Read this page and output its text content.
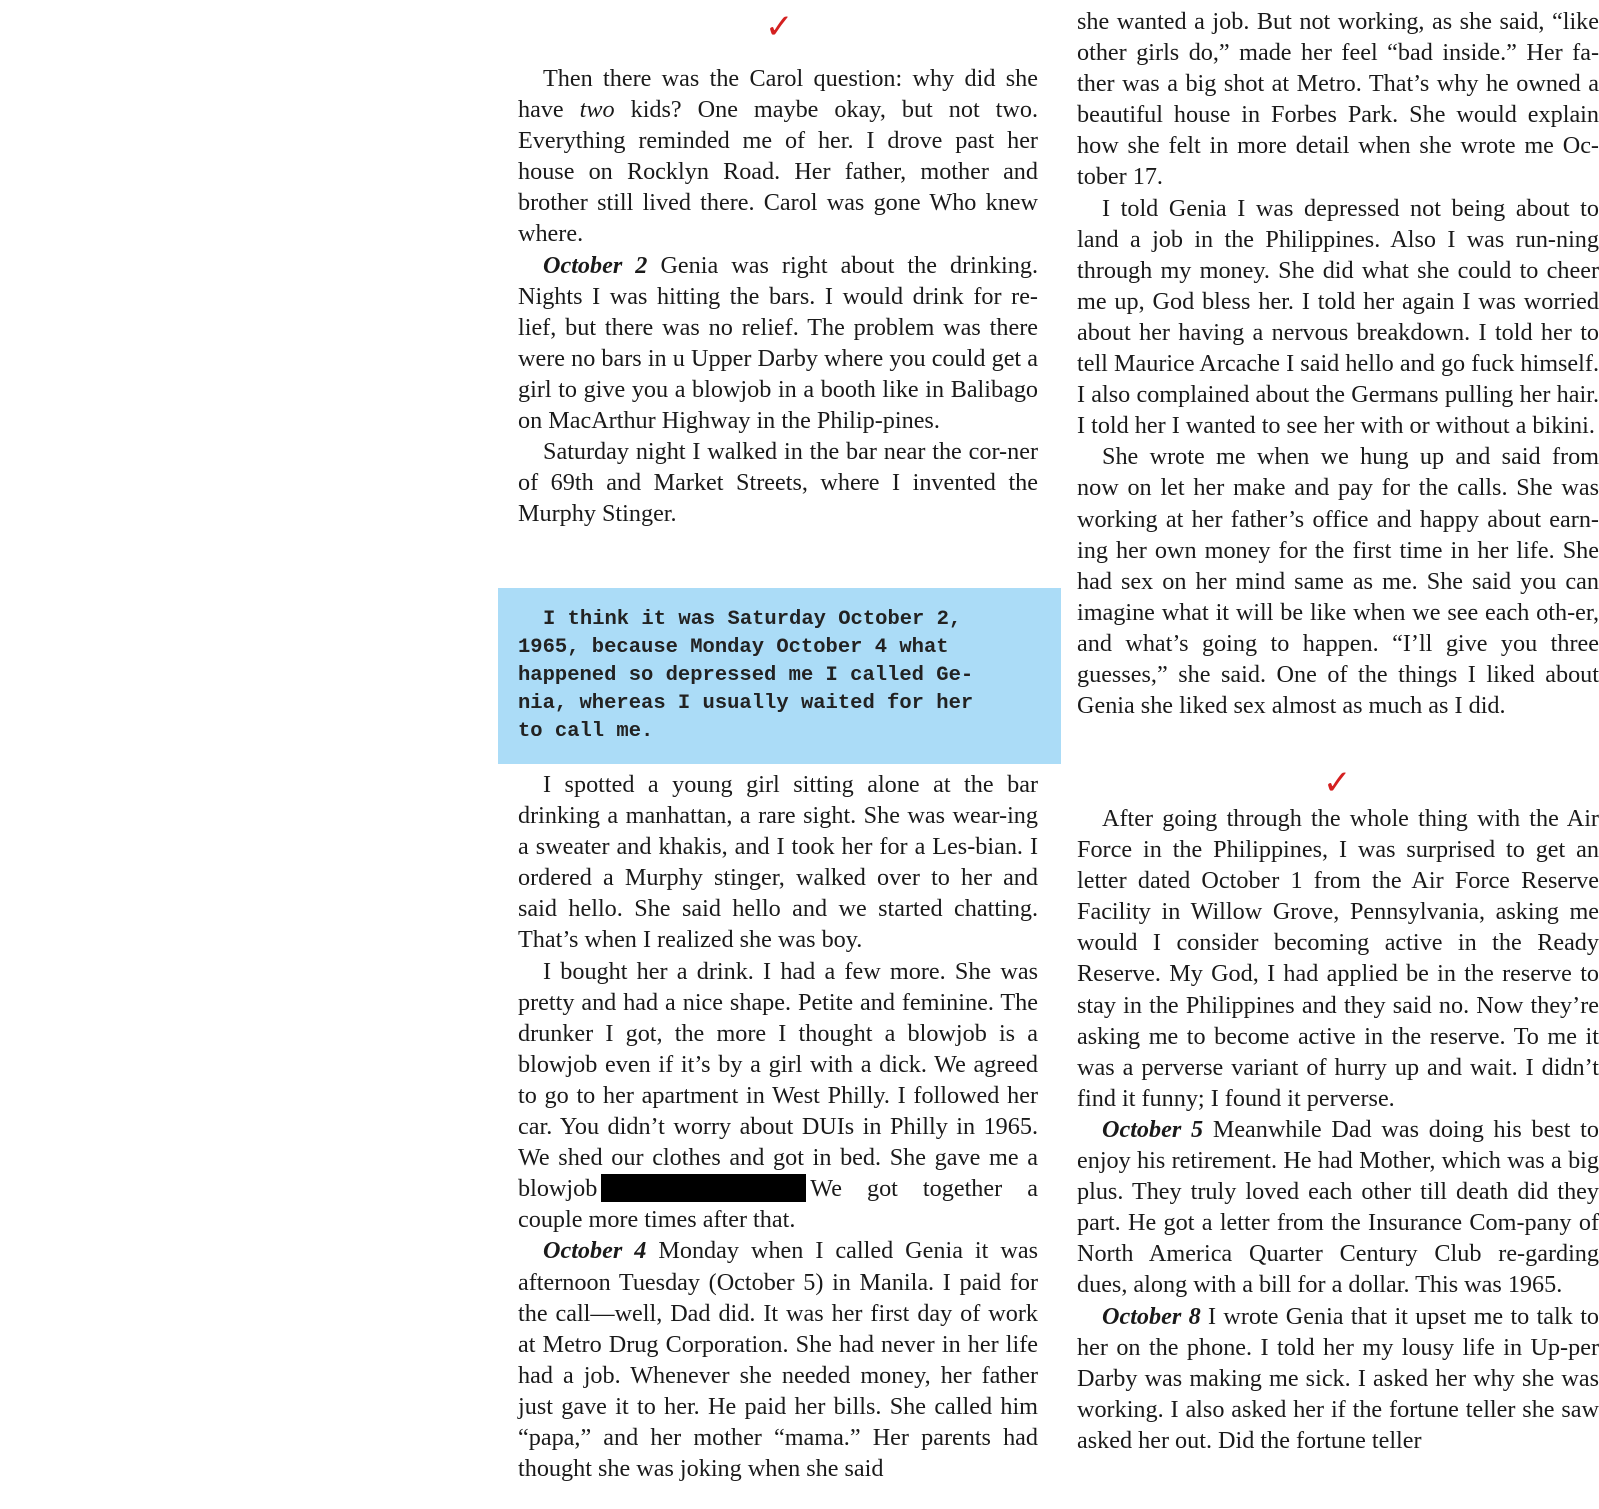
✓
✓

Then there was the Carol question: why did she have two kids? One maybe okay, but not two. Everything reminded me of her. I drove past her house on Rocklyn Road. Her father, mother and brother still lived there. Carol was gone Who knew where.

October 2 Genia was right about the drinking. Nights I was hitting the bars. I would drink for re-lief, but there was no relief. The problem was there were no bars in u Upper Darby where you could get a girl to give you a blowjob in a booth like in Balibago on MacArthur Highway in the Philip-pines.

Saturday night I walked in the bar near the cor-ner of 69th and Market Streets, where I invented the Murphy Stinger.

I spotted a young girl sitting alone at the bar drinking a manhattan, a rare sight. She was wear-ing a sweater and khakis, and I took her for a Les-bian. I ordered a Murphy stinger, walked over to her and said hello. She said hello and we started chatting. That’s when I realized she was boy.

I bought her a drink. I had a few more. She was pretty and had a nice shape. Petite and feminine. The drunker I got, the more I thought a blowjob is a blowjob even if it’s by a girl with a dick. We agreed to go to her apartment in West Philly. I followed her car. You didn’t worry about DUIs in Philly in 1965. We shed our clothes and got in bed. She gave me a blowjob	We got together a couple more times after that.

October 4 Monday when I called Genia it was afternoon Tuesday (October 5) in Manila. I paid for the call—well, Dad did. It was her first day of work at Metro Drug Corporation. She had never in her life had a job. Whenever she needed money, her father just gave it to her. He paid her bills. She called him “papa,” and her mother “mama.” Her parents had thought she was joking when she said

I think it was Saturday October 2,
1965, because Monday October 4 what
happened so depressed me I called Ge-
nia, whereas I usually waited for her
to call me.

she wanted a job. But not working, as she said, “like other girls do,” made her feel “bad inside.” Her fa-ther was a big shot at Metro. That’s why he owned a beautiful house in Forbes Park. She would explain how she felt in more detail when she wrote me Oc-tober 17.

I told Genia I was depressed not being about to land a job in the Philippines. Also I was run-ning through my money. She did what she could to cheer me up, God bless her. I told her again I was worried about her having a nervous breakdown. I told her to tell Maurice Arcache I said hello and go fuck himself. I also complained about the Germans pulling her hair. I told her I wanted to see her with or without a bikini.

She wrote me when we hung up and said from now on let her make and pay for the calls. She was working at her father’s office and happy about earn-ing her own money for the first time in her life. She had sex on her mind same as me. She said you can imagine what it will be like when we see each oth-er, and what’s going to happen. “I’ll give you three guesses,” she said. One of the things I liked about Genia she liked sex almost as much as I did.

After going through the whole thing with the Air Force in the Philippines, I was surprised to get an letter dated October 1 from the Air Force Reserve Facility in Willow Grove, Pennsylvania, asking me would I consider becoming active in the Ready Reserve. My God, I had applied be in the reserve to stay in the Philippines and they said no. Now they’re asking me to become active in the reserve. To me it was a perverse variant of hurry up and wait. I didn’t find it funny; I found it perverse.

October 5 Meanwhile Dad was doing his best to enjoy his retirement. He had Mother, which was a big plus. They truly loved each other till death did they part. He got a letter from the Insurance Com-pany of North America Quarter Century Club re-garding dues, along with a bill for a dollar. This was 1965.

October 8 I wrote Genia that it upset me to talk to her on the phone. I told her my lousy life in Up-per Darby was making me sick. I asked her why she was working. I also asked her if the fortune teller she saw asked her out. Did the fortune teller
